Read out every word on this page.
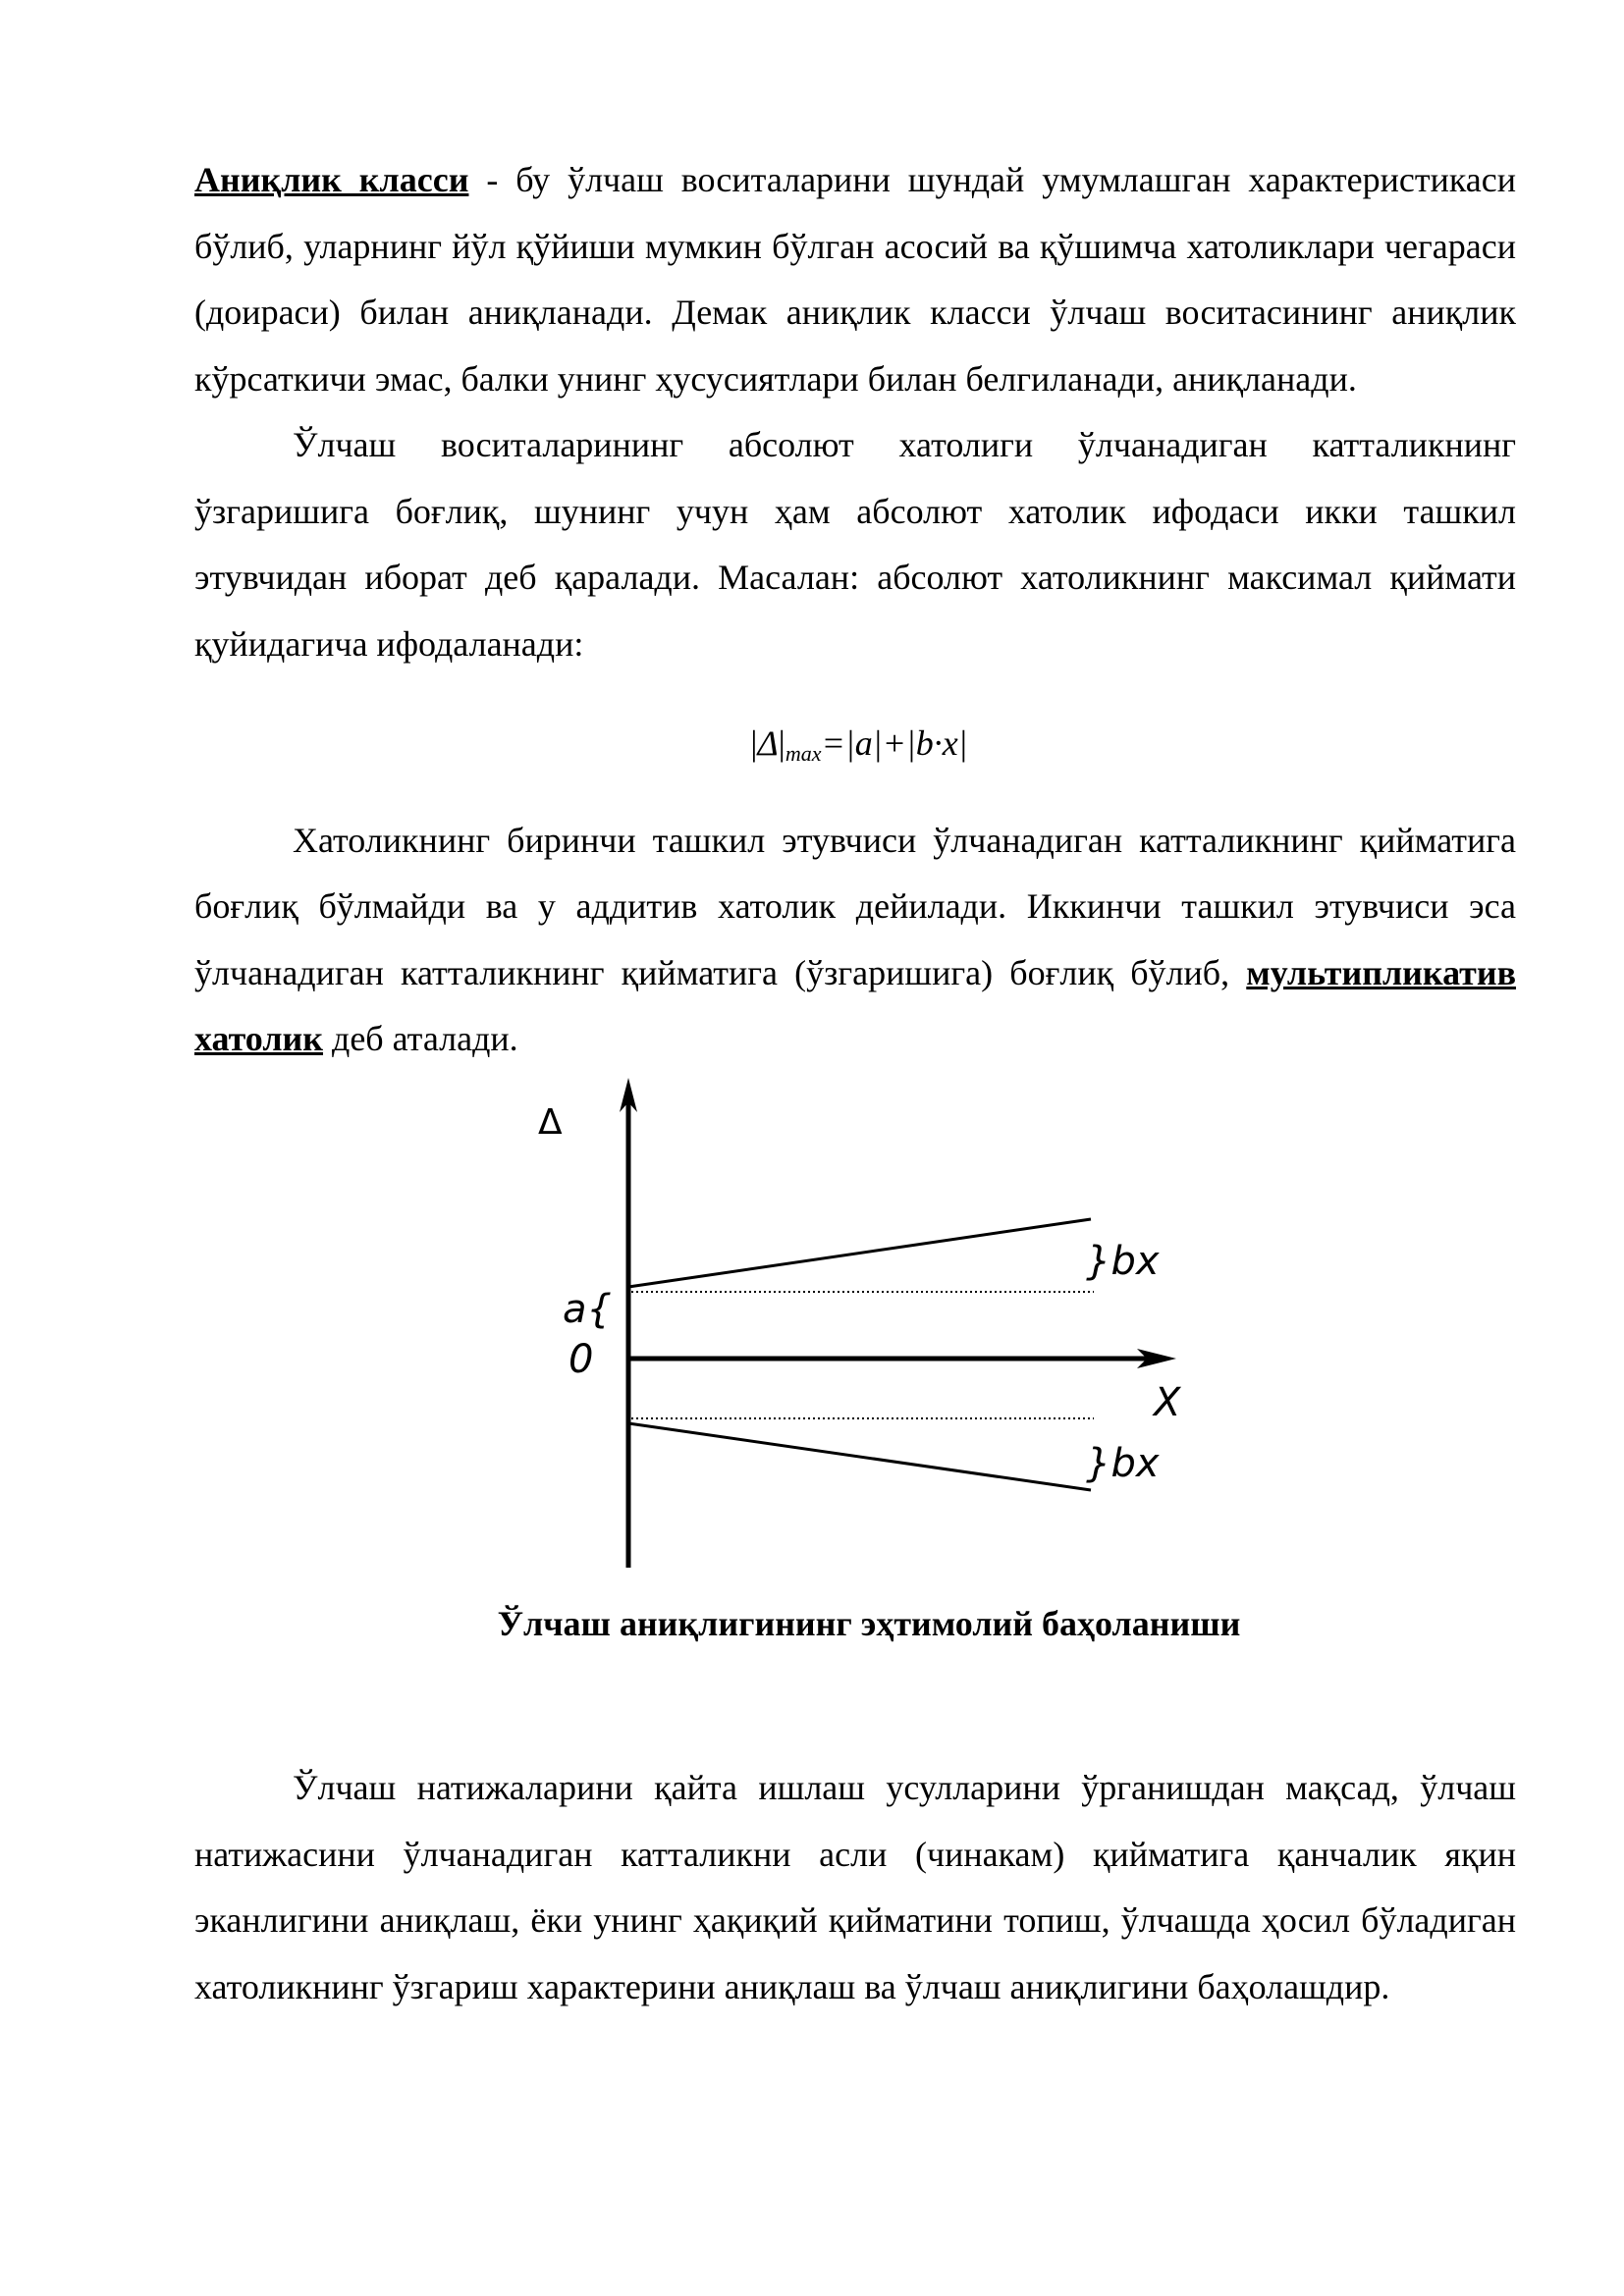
Аниқлик класси - бу ўлчаш воситаларини шундай умумлашган характеристикаси бўлиб, уларнинг йўл қўйиши мумкин бўлган асосий ва қўшимча хатоликлари чегараси (доираси) билан аниқланади. Демак аниқлик класси ўлчаш воситасининг аниқлик кўрсаткичи эмас, балки унинг ҳусусиятлари билан белгиланади, аниқланади.

Ўлчаш воситаларининг абсолют хатолиги ўлчанадиган катталикнинг ўзгаришига боғлиқ, шунинг учун ҳам абсолют хатолик ифодаси икки ташкил этувчидан иборат деб қаралади. Масалан: абсолют хатоликнинг максимал қиймати қуйидагича ифодаланади:

$|\Delta|_{max}=|a|+|b\cdot x|$

Хатоликнинг биринчи ташкил этувчиси ўлчанадиган катталикнинг қийматига боғлиқ бўлмайди ва у аддитив хатолик дейилади. Иккинчи ташкил этувчиси эса ўлчанадиган катталикнинг қийматига (ўзгаришига) боғлиқ бўлиб, мультипликатив хатолик деб аталади.

Δ
a{
0
X
}bx
}bx

Ўлчаш аниқлигининг эҳтимолий баҳоланиши

Ўлчаш натижаларини қайта ишлаш усулларини ўрганишдан мақсад, ўлчаш натижасини ўлчанадиган катталикни асли (чинакам) қийматига қанчалик яқин эканлигини аниқлаш, ёки унинг ҳақиқий қийматини топиш, ўлчашда ҳосил бўладиган хатоликнинг ўзгариш характерини аниқлаш ва ўлчаш аниқлигини баҳолашдир.
